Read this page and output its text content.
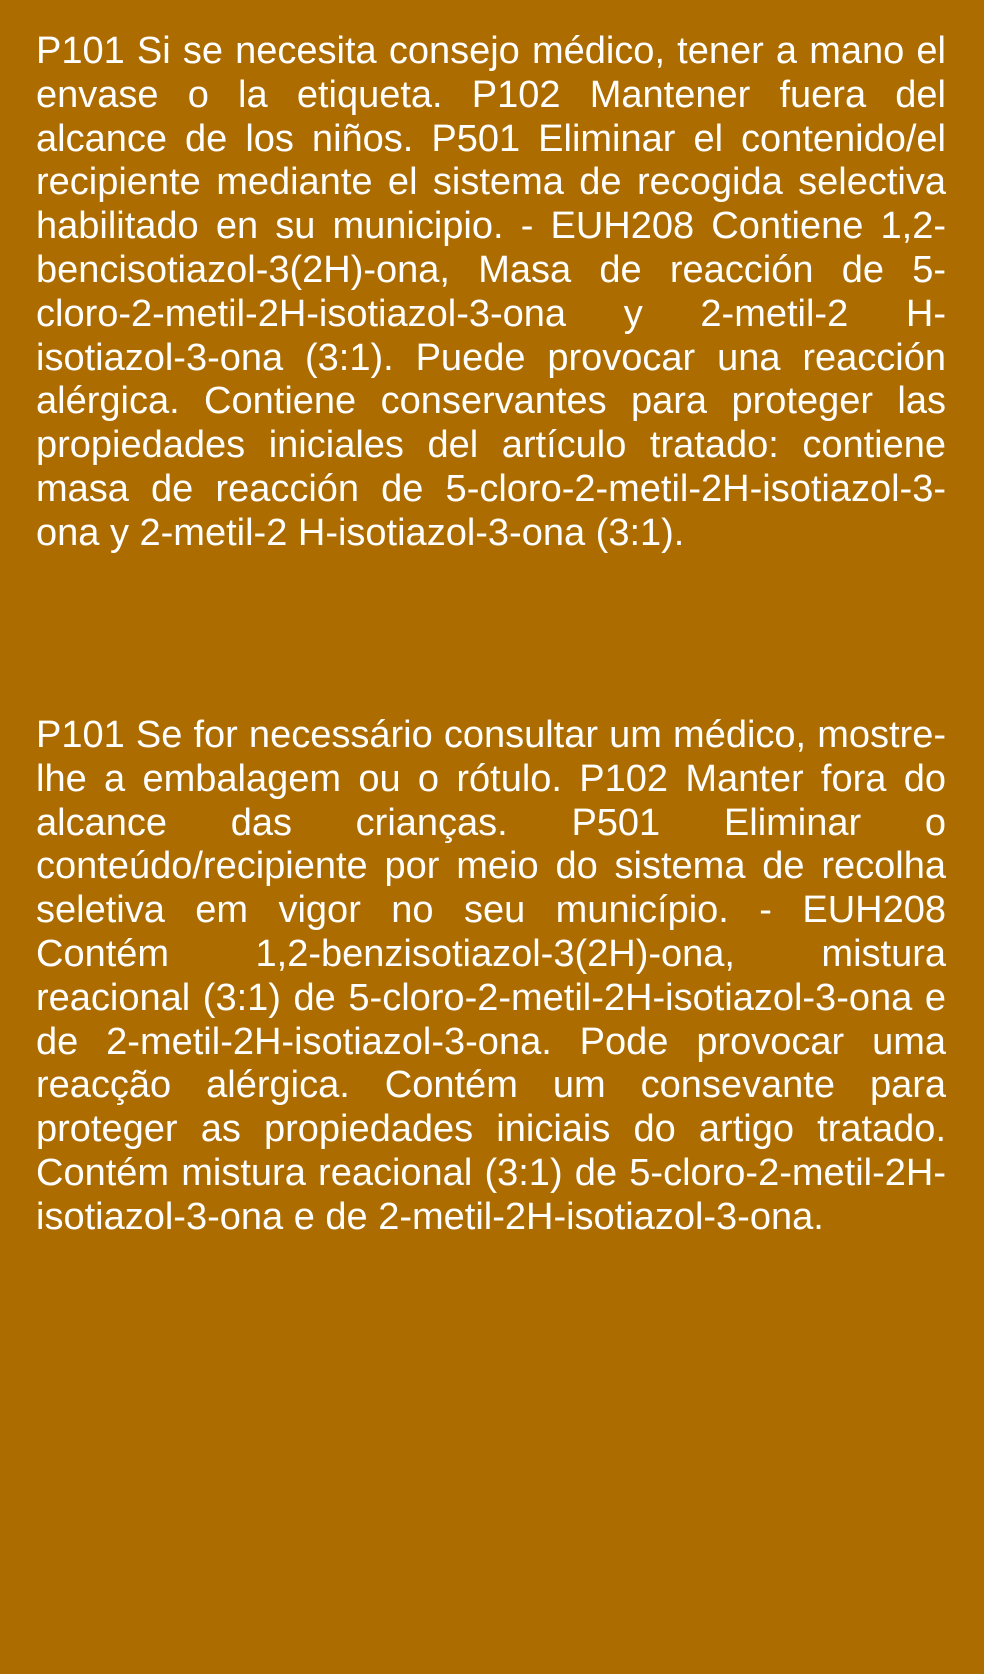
P101 Si se necesita consejo médico, tener a mano el envase o la etiqueta. P102 Mantener fuera del alcance de los niños. P501 Eliminar el contenido/el recipiente mediante el sistema de recogida selectiva habilitado en su municipio. - EUH208 Contiene 1,2-bencisotiazol-3(2H)-ona, Masa de reacción de 5-cloro-2-metil-2H-isotiazol-3-ona y 2-metil-2 H-isotiazol-3-ona (3:1). Puede provocar una reacción alérgica. Contiene conservantes para proteger las propiedades iniciales del artículo tratado: contiene masa de reacción de 5-cloro-2-metil-2H-isotiazol-3-ona y 2-metil-2 H-isotiazol-3-ona (3:1).

P101 Se for necessário consultar um médico, mostre-lhe a embalagem ou o rótulo. P102 Manter fora do alcance das crianças. P501 Eliminar o conteúdo/recipiente por meio do sistema de recolha seletiva em vigor no seu município. - EUH208 Contém 1,2-benzisotiazol-3(2H)-ona, mistura reacional (3:1) de 5-cloro-2-metil-2H-isotiazol-3-ona e de 2-metil-2H-isotiazol-3-ona. Pode provocar uma reacção alérgica. Contém um consevante para proteger as propiedades iniciais do artigo tratado. Contém mistura reacional (3:1) de 5-cloro-2-metil-2H-isotiazol-3-ona e de 2-metil-2H-isotiazol-3-ona.
